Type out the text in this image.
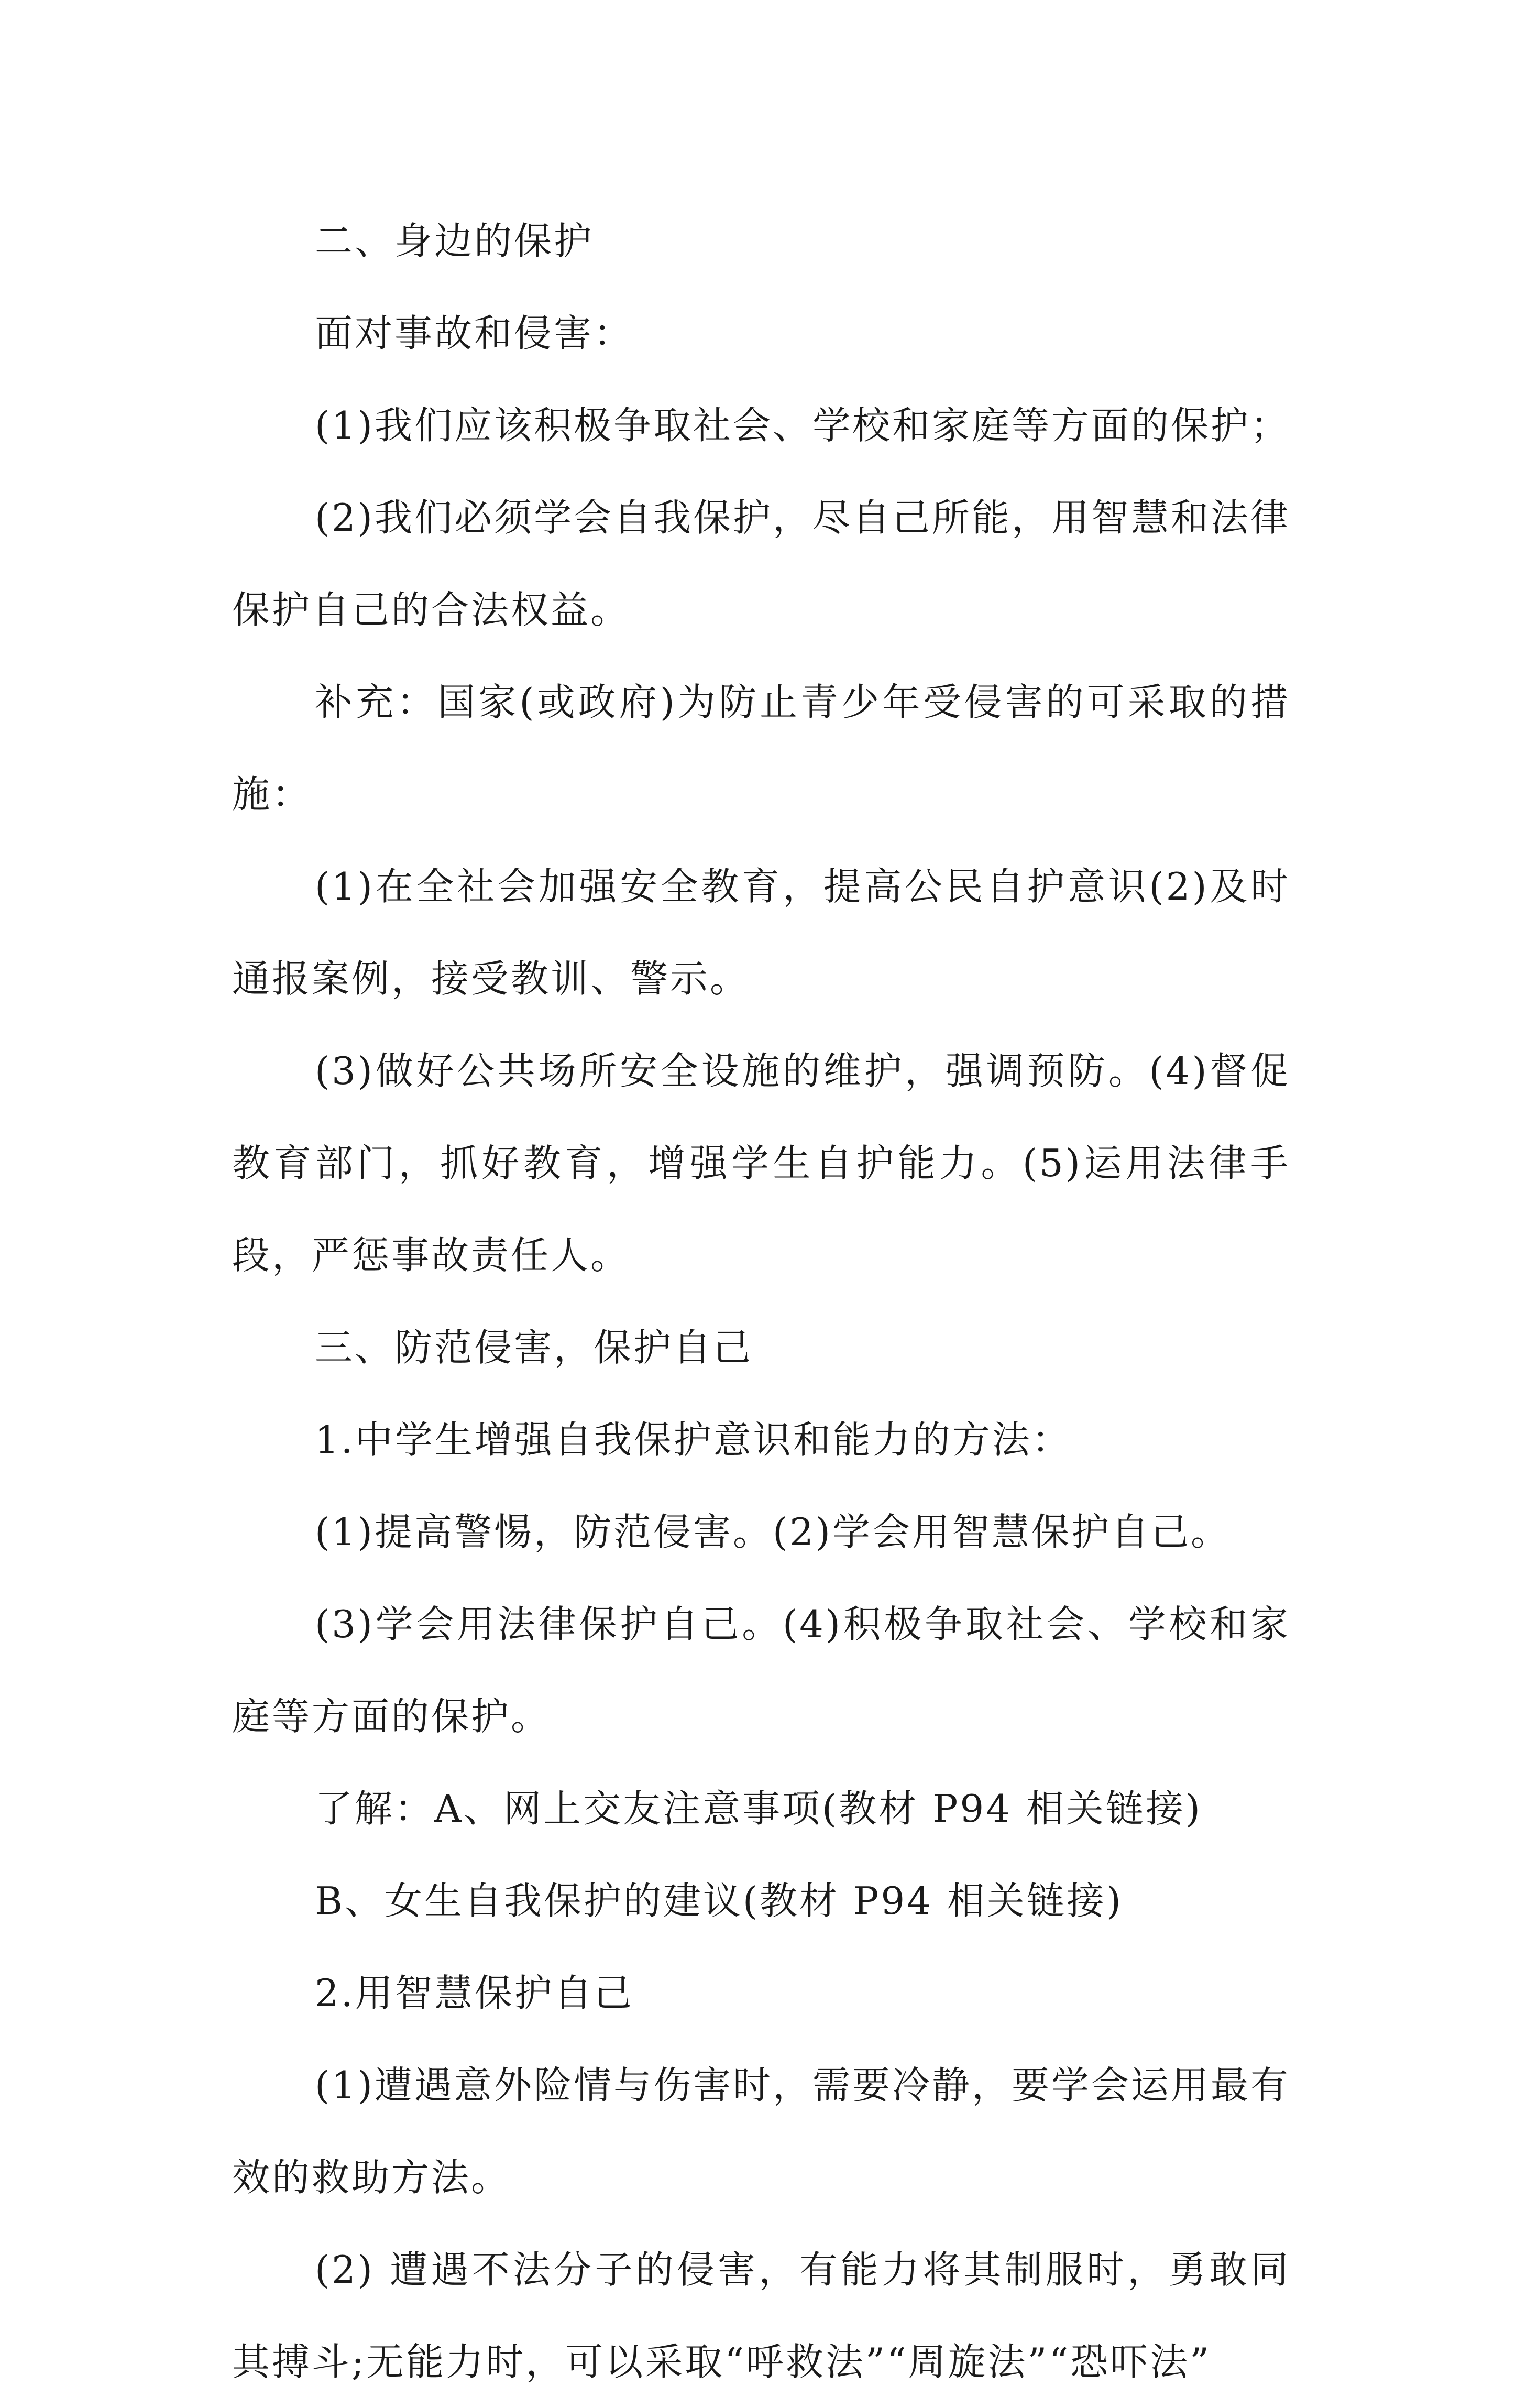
二、身边的保护

面对事故和侵害：

(1)我们应该积极争取社会、学校和家庭等方面的保护；

(2)我们必须学会自我保护，尽自己所能，用智慧和法律保护自己的合法权益。

补充：国家(或政府)为防止青少年受侵害的可采取的措施：

(1)在全社会加强安全教育，提高公民自护意识(2)及时通报案例，接受教训、警示。

(3)做好公共场所安全设施的维护，强调预防。(4)督促教育部门，抓好教育，增强学生自护能力。(5)运用法律手段，严惩事故责任人。

三、防范侵害，保护自己

1.中学生增强自我保护意识和能力的方法：

(1)提高警惕，防范侵害。(2)学会用智慧保护自己。

(3)学会用法律保护自己。(4)积极争取社会、学校和家庭等方面的保护。

了解：A、网上交友注意事项(教材 P94 相关链接)

B、女生自我保护的建议(教材 P94 相关链接)

2.用智慧保护自己

(1)遭遇意外险情与伤害时，需要冷静，要学会运用最有效的救助方法。

(2) 遭遇不法分子的侵害，有能力将其制服时，勇敢同其搏斗;无能力时，可以采取“呼救法”“周旋法”“恐吓法”
